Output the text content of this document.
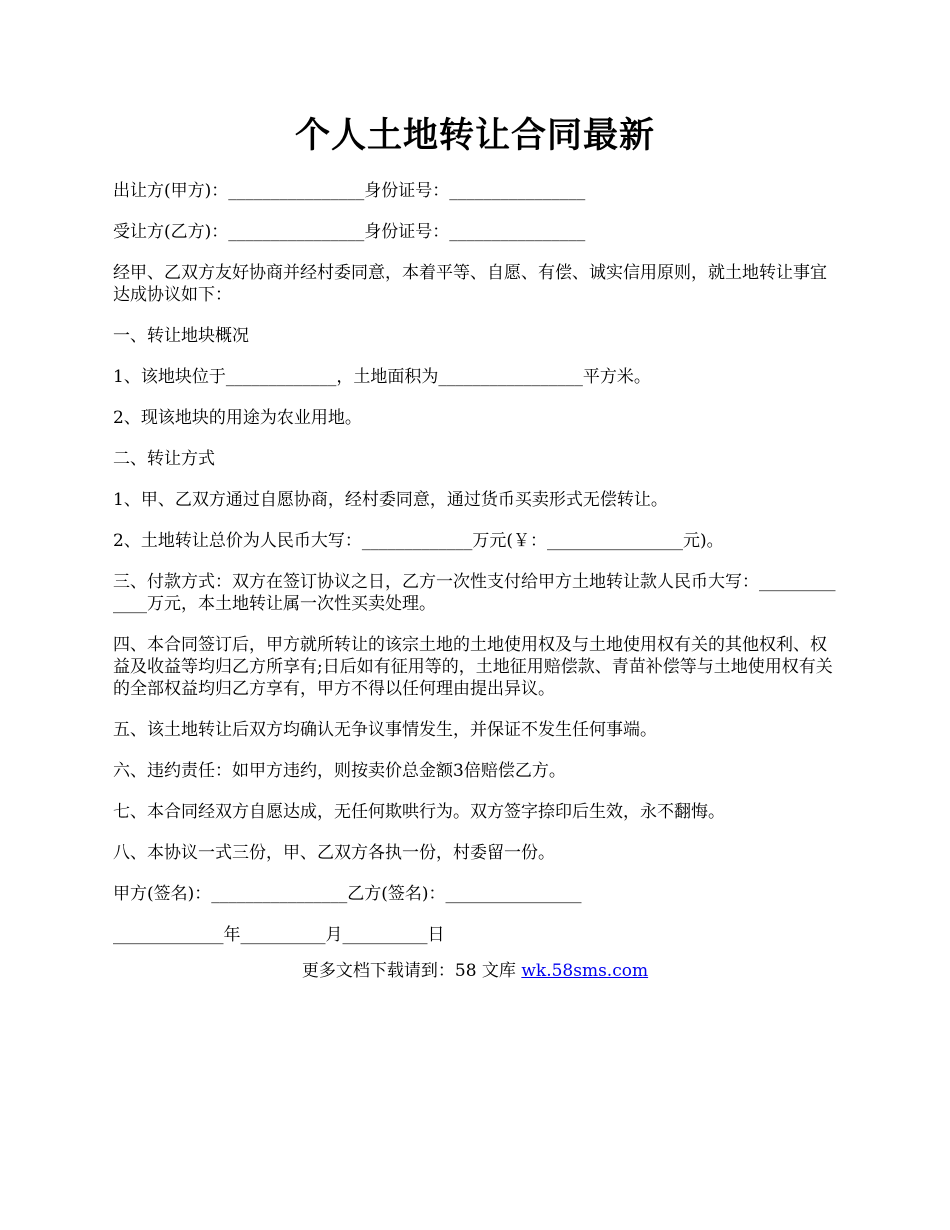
个人土地转让合同最新

出让方(甲方)：________________身份证号：________________

受让方(乙方)：________________身份证号：________________

经甲、乙双方友好协商并经村委同意，本着平等、自愿、有偿、诚实信用原则，就土地转让事宜达成协议如下：

一、转让地块概况

1、该地块位于_____________，土地面积为_________________平方米。

2、现该地块的用途为农业用地。

二、转让方式

1、甲、乙双方通过自愿协商，经村委同意，通过货币买卖形式无偿转让。

2、土地转让总价为人民币大写：_____________万元(￥：________________元)。

三、付款方式：双方在签订协议之日，乙方一次性支付给甲方土地转让款人民币大写：_____________万元，本土地转让属一次性买卖处理。

四、本合同签订后，甲方就所转让的该宗土地的土地使用权及与土地使用权有关的其他权利、权益及收益等均归乙方所享有;日后如有征用等的，土地征用赔偿款、青苗补偿等与土地使用权有关的全部权益均归乙方享有，甲方不得以任何理由提出异议。

五、该土地转让后双方均确认无争议事情发生，并保证不发生任何事端。

六、违约责任：如甲方违约，则按卖价总金额3倍赔偿乙方。

七、本合同经双方自愿达成，无任何欺哄行为。双方签字捺印后生效，永不翻悔。

八、本协议一式三份，甲、乙双方各执一份，村委留一份。

甲方(签名)：________________乙方(签名)：________________

_____________年__________月__________日

更多文档下载请到：58 文库 wk.58sms.com
